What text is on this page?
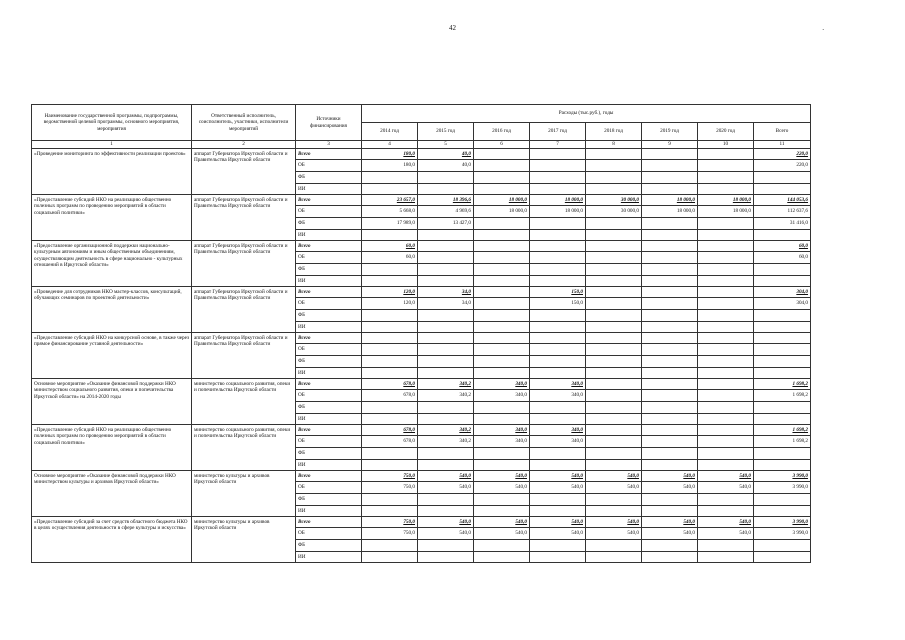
42	·
Наименование государственной программы, подпрограммы, ведомственной целевой программы, основного мероприятия, мероприятия	Ответственный исполнитель, соисполнитель, участники, исполнители мероприятий	Источники финансирования	Расходы (тыс.руб.), годы							
			2014 год	2015 год	2016 год	2017 год	2018 год	2019 год	2020 год	Всего
1	2	3	4	5	6	7	8	9	10	11
«Проведение мониторинга по эффективности реализации проектов»	аппарат Губернатора Иркутской области и Правительства Иркутской области	Всего	180,0	40,0						220,0
		ОБ	180,0	40,0						220,0
		ФБ								
		ИИ								
«Предоставление субсидий НКО на реализацию общественно полезных программ по проведению мероприятий в области социальной политики»	аппарат Губернатора Иркутской области и Правительства Иркутской области	Всего	23 657,0	18 396,6	18 000,0	18 000,0	30 000,0	18 000,0	18 000,0	144 053,6
		ОБ	5 668,0	4 969,6	18 000,0	18 000,0	30 000,0	18 000,0	18 000,0	112 637,6
		ФБ	17 989,0	13 427,0						31 416,0
		ИИ								
«Предоставление организационной поддержки национально-культурным автономиям и иным общественным объединениям, осуществляющим деятельность в сфере национально - культурных отношений в Иркутской области»	аппарат Губернатора Иркутской области и Правительства Иркутской области	Всего	60,0							60,0
		ОБ	60,0							60,0
		ФБ								
		ИИ								
«Проведение для сотрудников НКО мастер-классов, консультаций, обучающих семинаров по проектной деятельности»	аппарат Губернатора Иркутской области и Правительства Иркутской области	Всего	120,0	34,0		150,0				304,0
		ОБ	120,0	34,0		150,0				304,0
		ФБ								
		ИИ								
«Предоставление субсидий НКО на конкурсной основе, в также через прямое финансирование уставной деятельности»	аппарат Губернатора Иркутской области и Правительства Иркутской области	Всего								
		ОБ								
		ФБ								
		ИИ								
Основное мероприятие «Оказание финансовой поддержки НКО министерством социального развития, опеки и попечительства Иркутской области» на 2014-2020 годы	министерство социального развития, опеки и попечительства Иркутской области	Всего	678,0	340,2	340,0	340,0				1 698,2
		ОБ	678,0	340,2	340,0	340,0				1 698,2
		ФБ								
		ИИ								
«Предоставление субсидий НКО на реализацию общественно полезных программ по проведению мероприятий в области социальной политики»	министерство социального развития, опеки и попечительства Иркутской области	Всего	678,0	340,2	340,0	340,0				1 698,2
		ОБ	678,0	340,2	340,0	340,0				1 698,2
		ФБ								
		ИИ								
Основное мероприятие «Оказание финансовой поддержки НКО министерством культуры и архивов Иркутской области»	министерство культуры и архивов Иркутской области	Всего	750,0	540,0	540,0	540,0	540,0	540,0	540,0	3 990,0
		ОБ	750,0	540,0	540,0	540,0	540,0	540,0	540,0	3 990,0
		ФБ								
		ИИ								
«Предоставление субсидий за счет средств областного бюджета НКО в целях осуществления деятельности в сфере культуры и искусства»	министерство культуры и архивов Иркутской области	Всего	750,0	540,0	540,0	540,0	540,0	540,0	540,0	3 990,0
		ОБ	750,0	540,0	540,0	540,0	540,0	540,0	540,0	3 990,0
		ФБ								
		ИИ								
